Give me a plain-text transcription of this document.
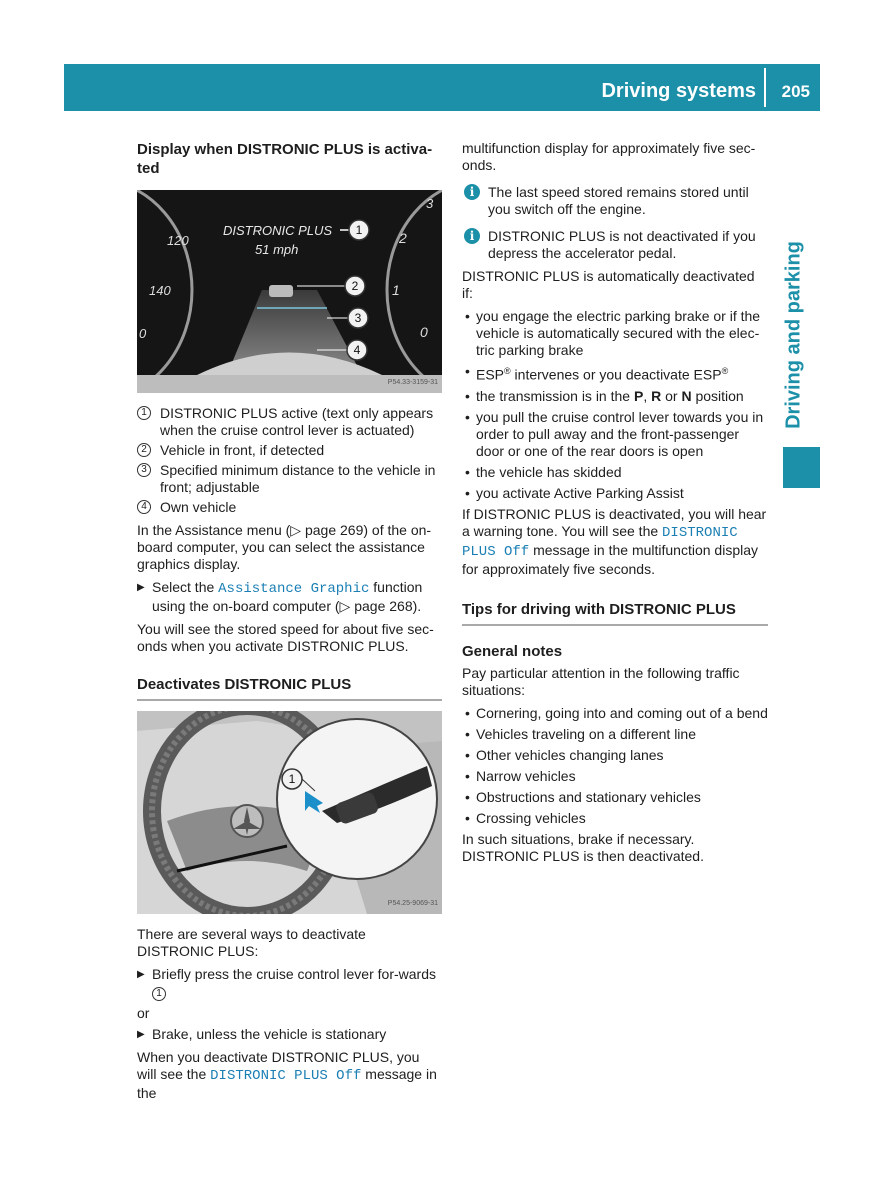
Driving systems 205
Driving and parking
Display when DISTRONIC PLUS is activa-ted
120
140
0
3
2
1
0
DISTRONIC PLUS
51 mph
1
2
3
4
P54.33-3159-31
1 DISTRONIC PLUS active (text only appears when the cruise control lever is actuated)
2 Vehicle in front, if detected
3 Specified minimum distance to the vehicle in front; adjustable
4 Own vehicle

In the Assistance menu (▷ page 269) of the on-board computer, you can select the assistance graphics display.

▶ Select the Assistance Graphic function using the on-board computer (▷ page 268).

You will see the stored speed for about five sec-onds when you activate DISTRONIC PLUS.

Deactivates DISTRONIC PLUS
1
P54.25-9069-31

There are several ways to deactivate DISTRONIC PLUS:

▶ Briefly press the cruise control lever for-wards 1

or

▶ Brake, unless the vehicle is stationary

When you deactivate DISTRONIC PLUS, you will see the DISTRONIC PLUS Off message in the

multifunction display for approximately five sec-onds.

i The last speed stored remains stored until you switch off the engine.
i DISTRONIC PLUS is not deactivated if you depress the accelerator pedal.

DISTRONIC PLUS is automatically deactivated if:

• you engage the electric parking brake or if the vehicle is automatically secured with the elec-tric parking brake
• ESP® intervenes or you deactivate ESP®
• the transmission is in the P, R or N position
• you pull the cruise control lever towards you in order to pull away and the front-passenger door or one of the rear doors is open
• the vehicle has skidded
• you activate Active Parking Assist

If DISTRONIC PLUS is deactivated, you will hear a warning tone. You will see the DISTRONIC PLUS Off message in the multifunction display for approximately five seconds.

Tips for driving with DISTRONIC PLUS
General notes

Pay particular attention in the following traffic situations:

• Cornering, going into and coming out of a bend
• Vehicles traveling on a different line
• Other vehicles changing lanes
• Narrow vehicles
• Obstructions and stationary vehicles
• Crossing vehicles

In such situations, brake if necessary. DISTRONIC PLUS is then deactivated.
